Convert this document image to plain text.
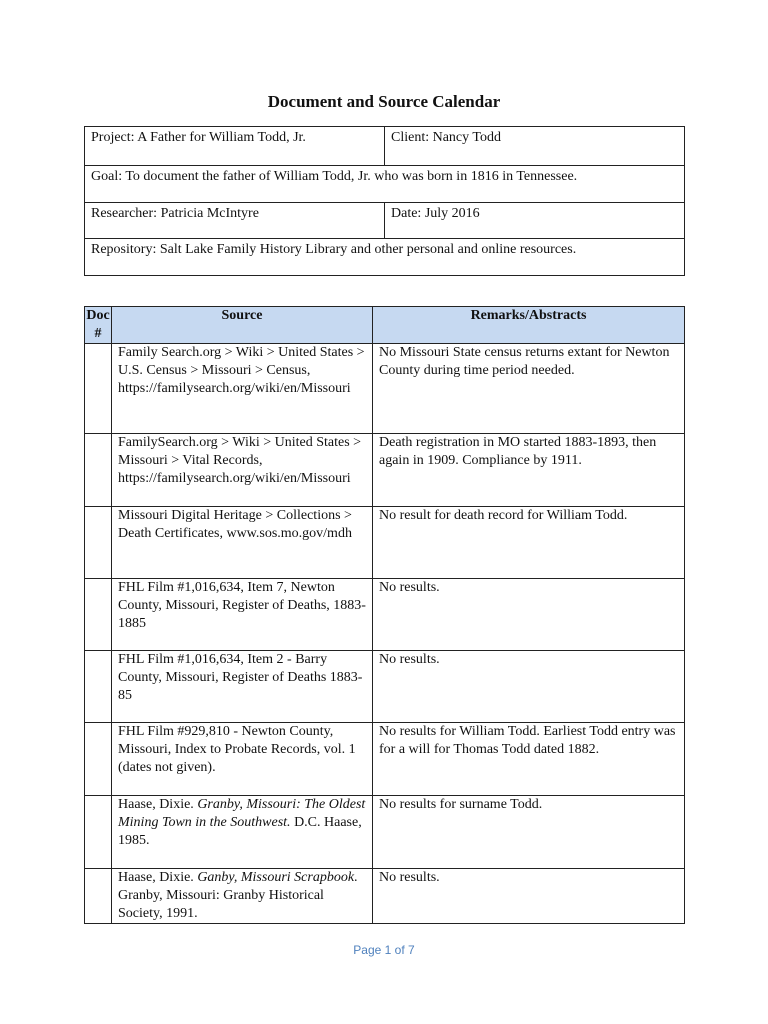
Document and Source Calendar
Project: A Father for William Todd, Jr.	Client: Nancy Todd
Goal: To document the father of William Todd, Jr. who was born in 1816 in Tennessee.	
Researcher: Patricia McIntyre	Date: July 2016
Repository: Salt Lake Family History Library and other personal and online resources.	
Doc #	Source	Remarks/Abstracts
	Family Search.org > Wiki > United States > U.S. Census > Missouri > Census, https://familysearch.org/wiki/en/Missouri	No Missouri State census returns extant for Newton County during time period needed.
	FamilySearch.org > Wiki > United States > Missouri > Vital Records, https://familysearch.org/wiki/en/Missouri	Death registration in MO started 1883-1893, then again in 1909. Compliance by 1911.
	Missouri Digital Heritage > Collections > Death Certificates, www.sos.mo.gov/mdh	No result for death record for William Todd.
	FHL Film #1,016,634, Item 7, Newton County, Missouri, Register of Deaths, 1883-1885	No results.
	FHL Film #1,016,634, Item 2 - Barry County, Missouri, Register of Deaths 1883-85	No results.
	FHL Film #929,810 - Newton County, Missouri, Index to Probate Records, vol. 1 (dates not given).	No results for William Todd. Earliest Todd entry was for a will for Thomas Todd dated 1882.
	Haase, Dixie. Granby, Missouri: The Oldest Mining Town in the Southwest. D.C. Haase, 1985.	No results for surname Todd.
	Haase, Dixie. Ganby, Missouri Scrapbook. Granby, Missouri: Granby Historical Society, 1991.	No results.
Page 1 of 7
